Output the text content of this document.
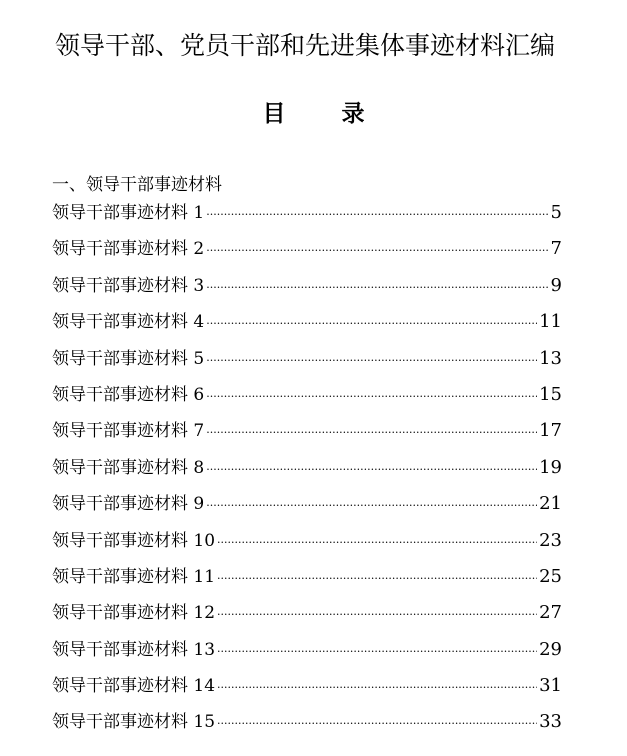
领导干部、党员干部和先进集体事迹材料汇编
目 录
一、领导干部事迹材料
领导干部事迹材料 1 ·····	5
领导干部事迹材料 2 ·····	7
领导干部事迹材料 3 ·····	9
领导干部事迹材料 4 ·····	11
领导干部事迹材料 5 ·····	13
领导干部事迹材料 6 ·····	15
领导干部事迹材料 7 ·····	17
领导干部事迹材料 8 ·····	19
领导干部事迹材料 9 ·····	21
领导干部事迹材料 10 ·····	23
领导干部事迹材料 11 ·····	25
领导干部事迹材料 12 ·····	27
领导干部事迹材料 13 ·····	29
领导干部事迹材料 14 ·····	31
领导干部事迹材料 15 ·····	33
